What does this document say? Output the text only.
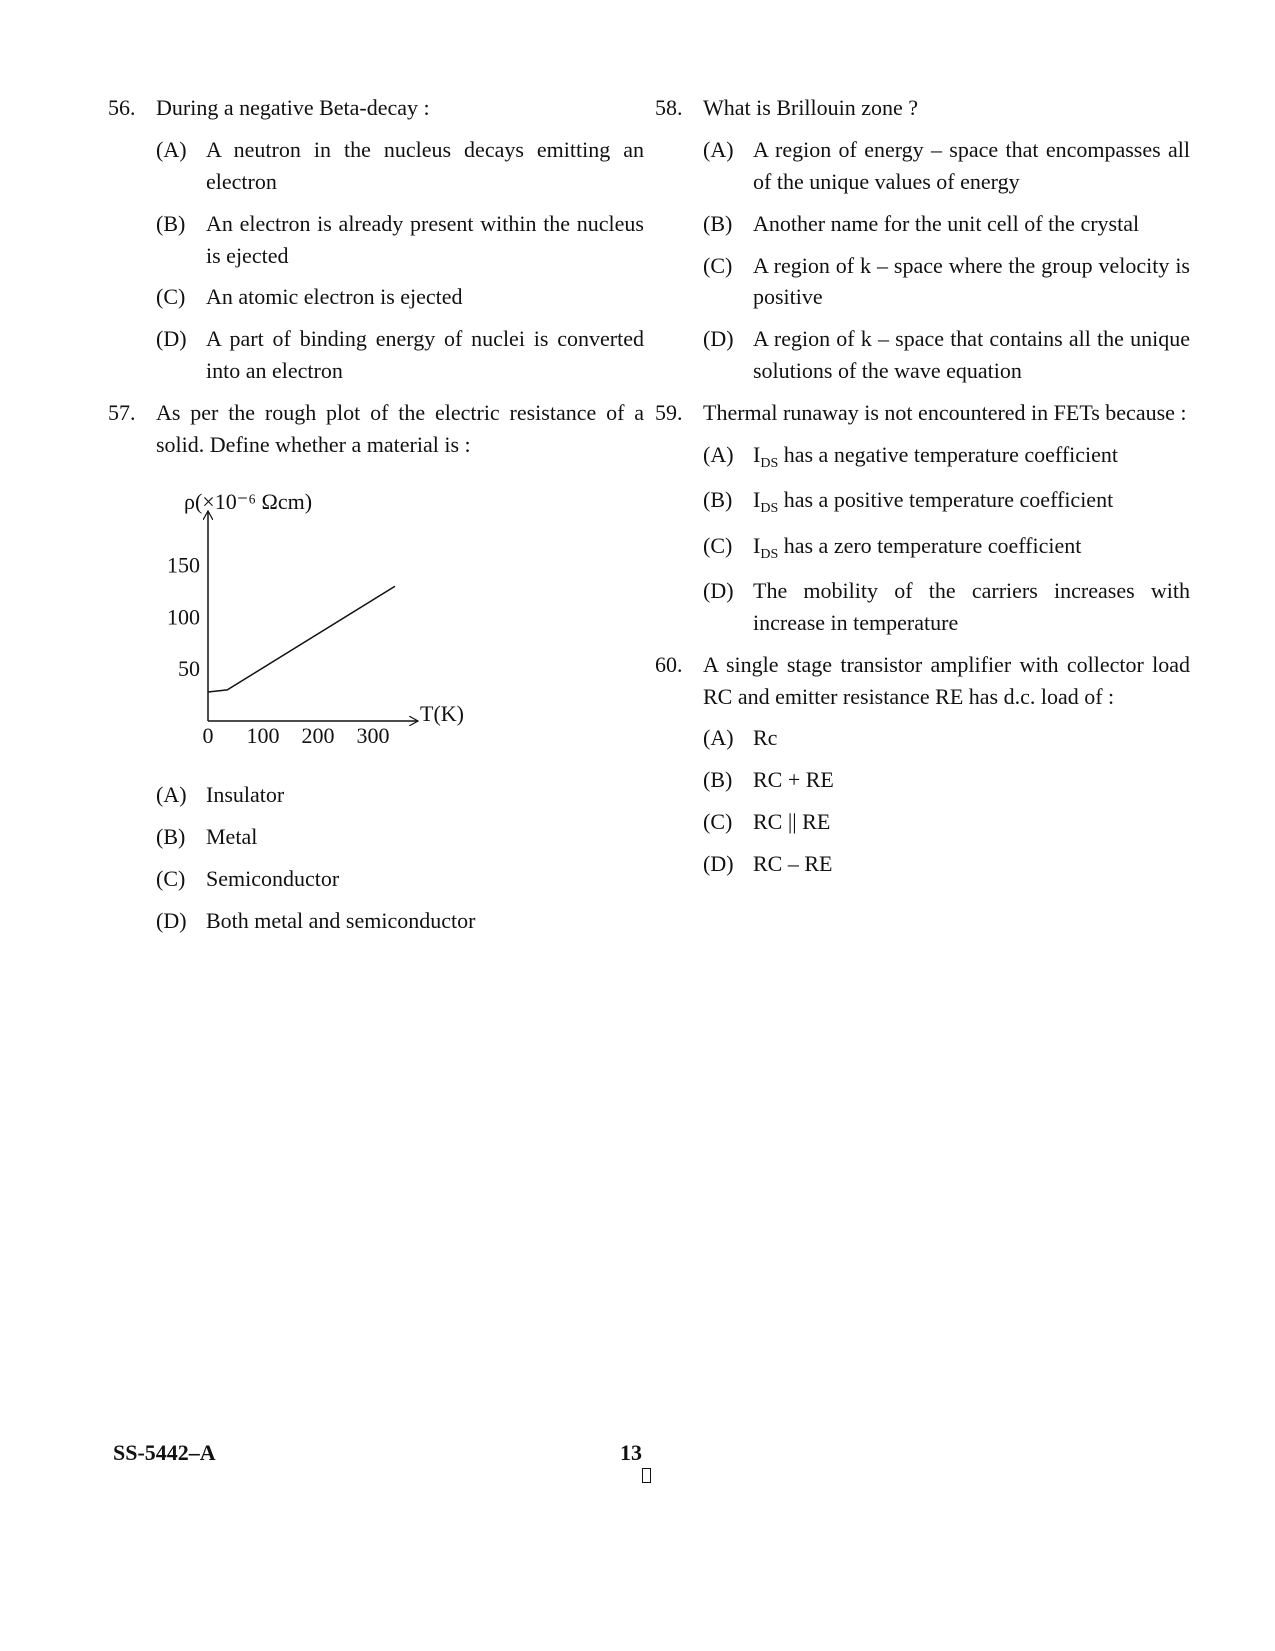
56. During a negative Beta-decay :
(A) A neutron in the nucleus decays emitting an electron
(B) An electron is already present within the nucleus is ejected
(C) An atomic electron is ejected
(D) A part of binding energy of nuclei is converted into an electron
57. As per the rough plot of the electric resistance of a solid. Define whether a material is :
ρ(×10⁻⁶ Ωcm)
T(K)
0 100 200 300
50
100
150
(A) Insulator
(B) Metal
(C) Semiconductor
(D) Both metal and semiconductor
58. What is Brillouin zone ?
(A) A region of energy – space that encompasses all of the unique values of energy
(B) Another name for the unit cell of the crystal
(C) A region of k – space where the group velocity is positive
(D) A region of k – space that contains all the unique solutions of the wave equation
59. Thermal runaway is not encountered in FETs because :
(A) $I_{DS}$ has a negative temperature coefficient
(B) $I_{DS}$ has a positive temperature coefficient
(C) $I_{DS}$ has a zero temperature coefficient
(D) The mobility of the carriers increases with increase in temperature
60. A single stage transistor amplifier with collector load RC and emitter resistance RE has d.c. load of :
(A) Rc
(B) RC + RE
(C) RC || RE
(D) RC – RE
SS-5442–A	13
